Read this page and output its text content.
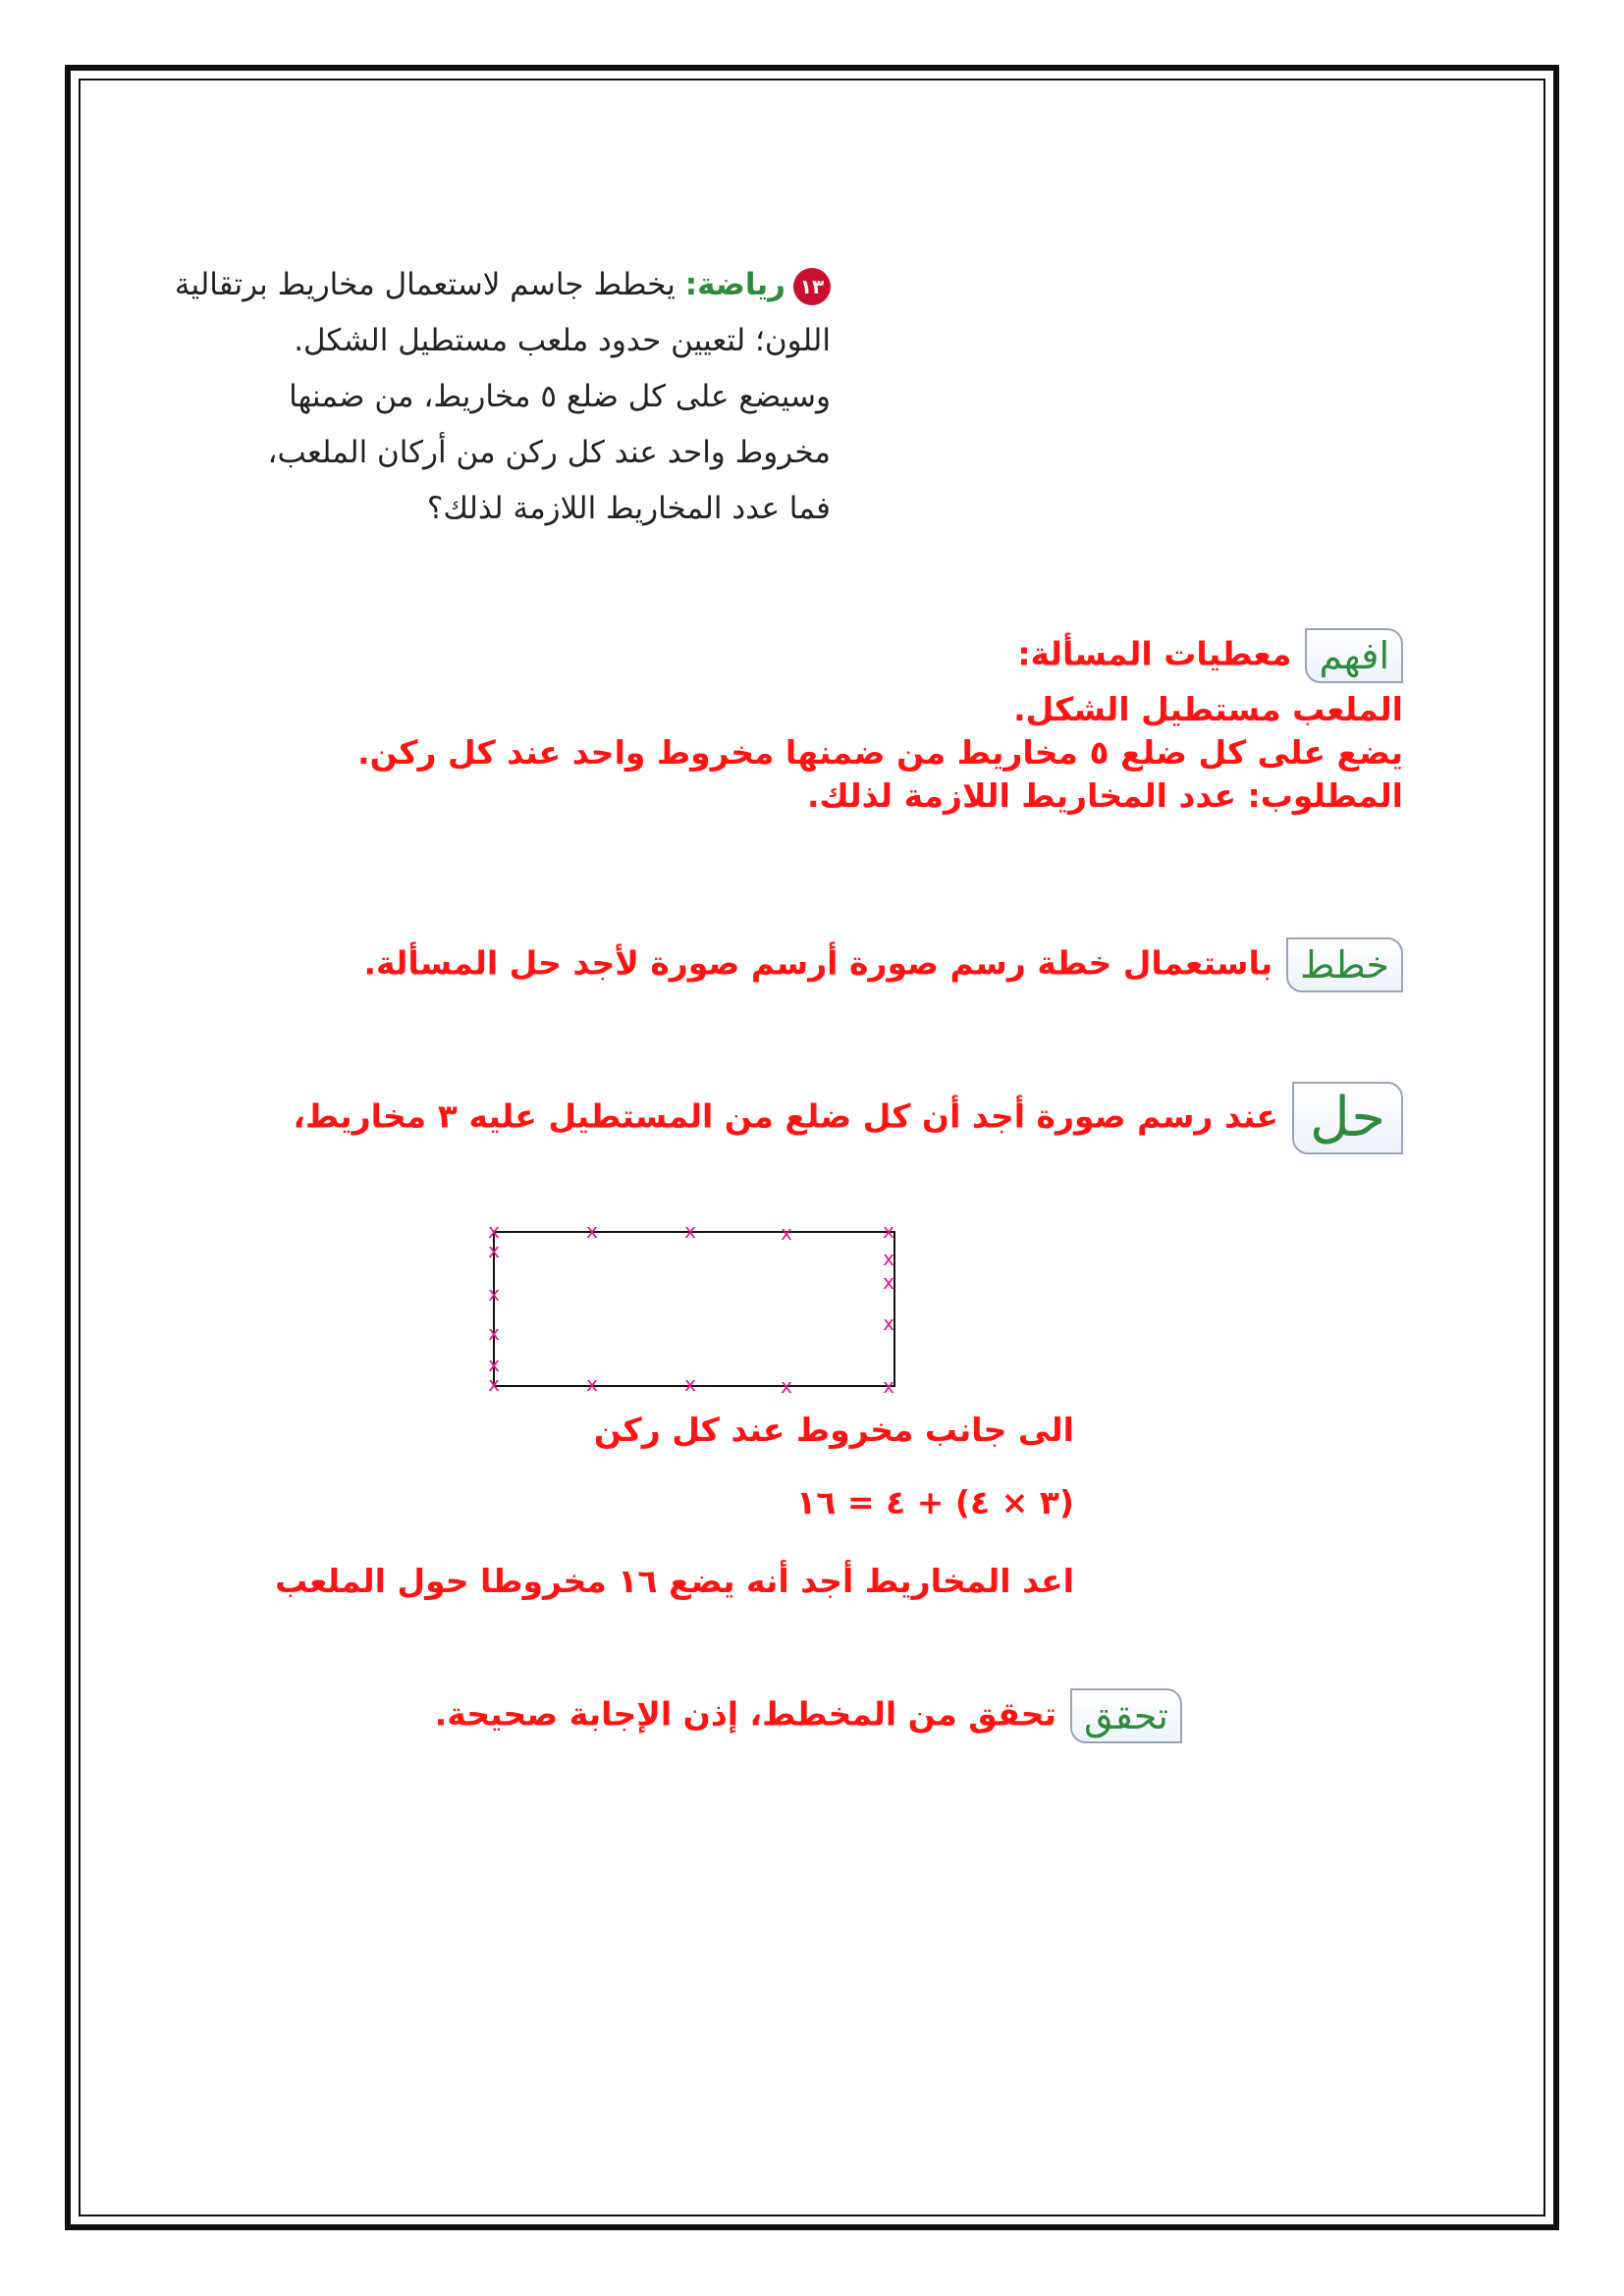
١٣رياضة: يخطط جاسم لاستعمال مخاريط برتقالية
اللون؛ لتعيين حدود ملعب مستطيل الشكل.
وسيضع على كل ضلع ٥ مخاريط، من ضمنها
مخروط واحد عند كل ركن من أركان الملعب،
فما عدد المخاريط اللازمة لذلك؟
افهممعطيات المسألة:
الملعب مستطيل الشكل.
يضع على كل ضلع ٥ مخاريط من ضمنها مخروط واحد عند كل ركن.
المطلوب: عدد المخاريط اللازمة لذلك.
خططباستعمال خطة رسم صورة أرسم صورة لأجد حل المسألة.
حلعند رسم صورة أجد أن كل ضلع من المستطيل عليه ٣ مخاريط،
x	x	x	x	x
x
x
x
x
x
x
x
x	x	x	x	x
الى جانب مخروط عند كل ركن
(٣ × ٤) + ٤ = ١٦
اعد المخاريط أجد أنه يضع ١٦ مخروطا حول الملعب
تحققتحقق من المخطط، إذن الإجابة صحيحة.
